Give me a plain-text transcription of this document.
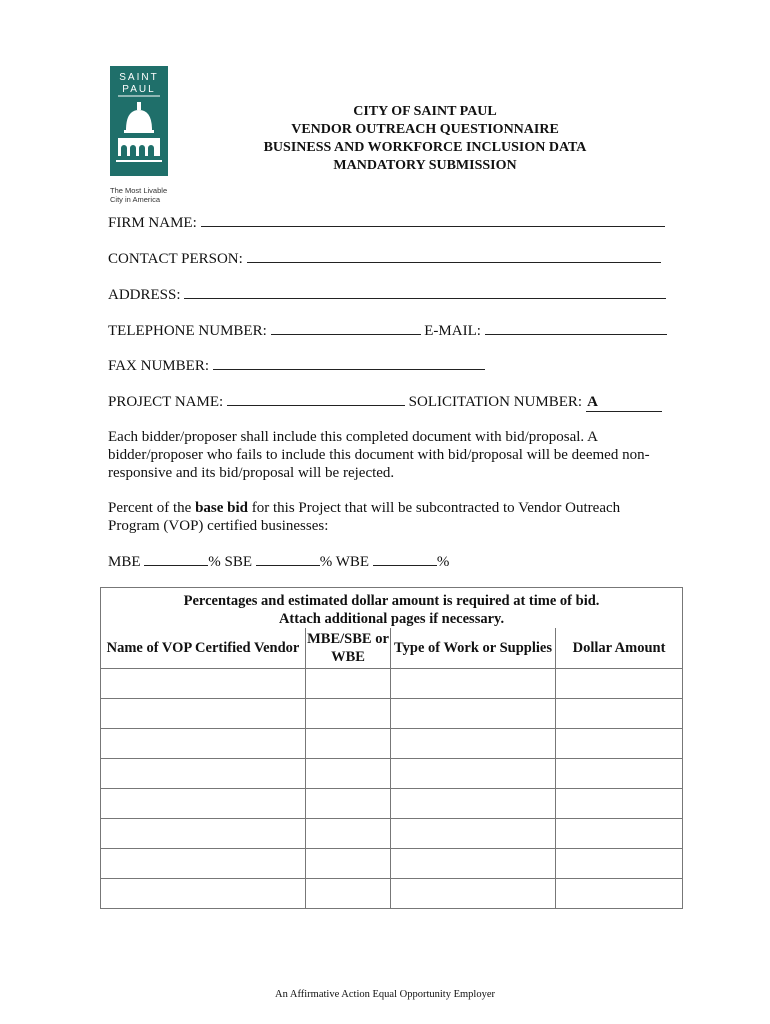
SAINT
PAUL
The Most Livable
City in America
CITY OF SAINT PAUL
VENDOR OUTREACH QUESTIONNAIRE
BUSINESS AND WORKFORCE INCLUSION DATA
MANDATORY SUBMISSION
FIRM NAME:
CONTACT PERSON:
ADDRESS:
TELEPHONE NUMBER:	E-MAIL:
FAX NUMBER:
PROJECT NAME:	SOLICITATION NUMBER:   A

Each bidder/proposer shall include this completed document with bid/proposal. A bidder/proposer who fails to include this document with bid/proposal will be deemed non-responsive and its bid/proposal will be rejected.

Percent of the base bid for this Project that will be subcontracted to Vendor Outreach Program (VOP) certified businesses:

MBE	% SBE	% WBE	%
Percentages and estimated dollar amount is required at time of bid.
Attach additional pages if necessary.			

Name of VOP Certified Vendor	MBE/SBE or WBE	Type of Work or Supplies	Dollar Amount

An Affirmative Action Equal Opportunity Employer
